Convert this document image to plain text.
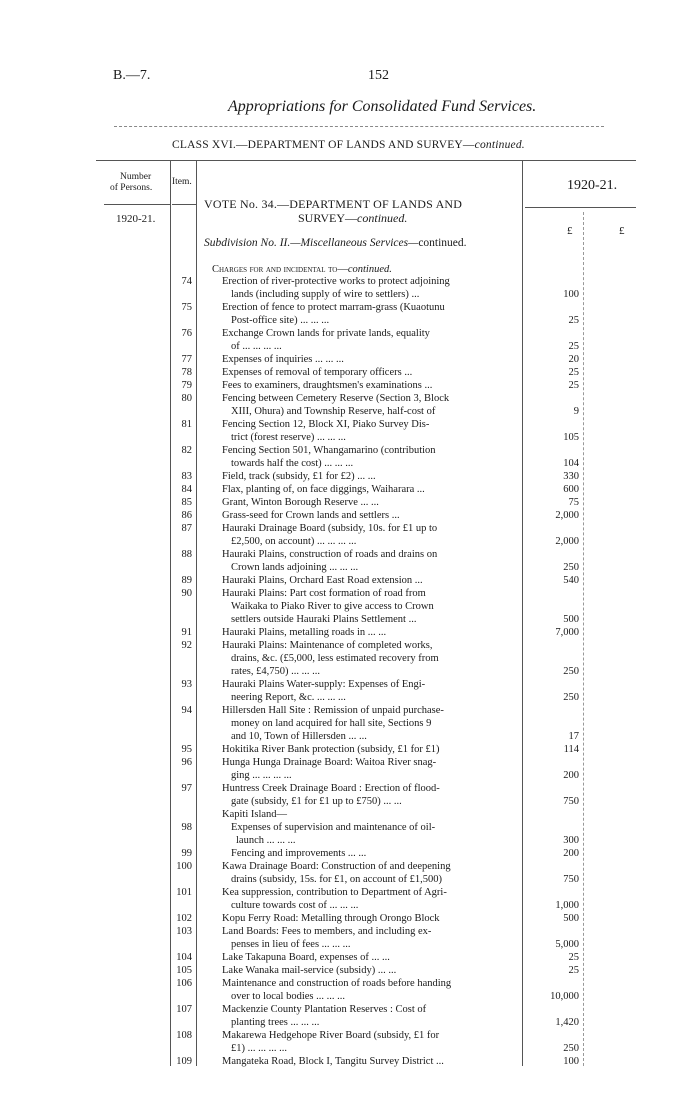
B.—7.	152
Appropriations for Consolidated Fund Services.
CLASS XVI.—DEPARTMENT OF LANDS AND SURVEY—continued.
Number
of Persons.
Item.
1920-21.
1920-21.
£	£
VOTE No. 34.—DEPARTMENT OF LANDS AND
SURVEY—continued.
Subdivision No. II.—Miscellaneous Services—continued.
Charges for and incidental to—continued.
74	Erection of river-protective works to protect adjoining
lands (including supply of wire to settlers) ...	100
75	Erection of fence to protect marram-grass (Kuaotunu
Post-office site) ... ... ...	25
76	Exchange Crown lands for private lands, equality
of ... ... ... ...	25
77	Expenses of inquiries ... ... ...	20
78	Expenses of removal of temporary officers ...	25
79	Fees to examiners, draughtsmen's examinations ...	25
80	Fencing between Cemetery Reserve (Section 3, Block
XIII, Ohura) and Township Reserve, half-cost of	9
81	Fencing Section 12, Block XI, Piako Survey Dis-
trict (forest reserve) ... ... ...	105
82	Fencing Section 501, Whangamarino (contribution
towards half the cost) ... ... ...	104
83	Field, track (subsidy, £1 for £2) ... ...	330
84	Flax, planting of, on face diggings, Waiharara ...	600
85	Grant, Winton Borough Reserve ... ...	75
86	Grass-seed for Crown lands and settlers ...	2,000
87	Hauraki Drainage Board (subsidy, 10s. for £1 up to
£2,500, on account) ... ... ... ...	2,000
88	Hauraki Plains, construction of roads and drains on
Crown lands adjoining ... ... ...	250
89	Hauraki Plains, Orchard East Road extension ...	540
90	Hauraki Plains: Part cost formation of road from
Waikaka to Piako River to give access to Crown
settlers outside Hauraki Plains Settlement ...	500
91	Hauraki Plains, metalling roads in ... ...	7,000
92	Hauraki Plains: Maintenance of completed works,
drains, &c. (£5,000, less estimated recovery from
rates, £4,750) ... ... ...	250
93	Hauraki Plains Water-supply: Expenses of Engi-
neering Report, &c. ... ... ...	250
94	Hillersden Hall Site : Remission of unpaid purchase-
money on land acquired for hall site, Sections 9
and 10, Town of Hillersden ... ...	17
95	Hokitika River Bank protection (subsidy, £1 for £1)	114
96	Hunga Hunga Drainage Board: Waitoa River snag-
ging ... ... ... ...	200
97	Huntress Creek Drainage Board : Erection of flood-
gate (subsidy, £1 for £1 up to £750) ... ...	750
Kapiti Island—
98	Expenses of supervision and maintenance of oil-
launch ... ... ...	300
99	Fencing and improvements ... ...	200
100	Kawa Drainage Board: Construction of and deepening
drains (subsidy, 15s. for £1, on account of £1,500)	750
101	Kea suppression, contribution to Department of Agri-
culture towards cost of ... ... ...	1,000
102	Kopu Ferry Road: Metalling through Orongo Block	500
103	Land Boards: Fees to members, and including ex-
penses in lieu of fees ... ... ...	5,000
104	Lake Takapuna Board, expenses of ... ...	25
105	Lake Wanaka mail-service (subsidy) ... ...	25
106	Maintenance and construction of roads before handing
over to local bodies ... ... ...	10,000
107	Mackenzie County Plantation Reserves : Cost of
planting trees ... ... ...	1,420
108	Makarewa Hedgehope River Board (subsidy, £1 for
£1) ... ... ... ...	250
109	Mangateka Road, Block I, Tangitu Survey District ...	100
